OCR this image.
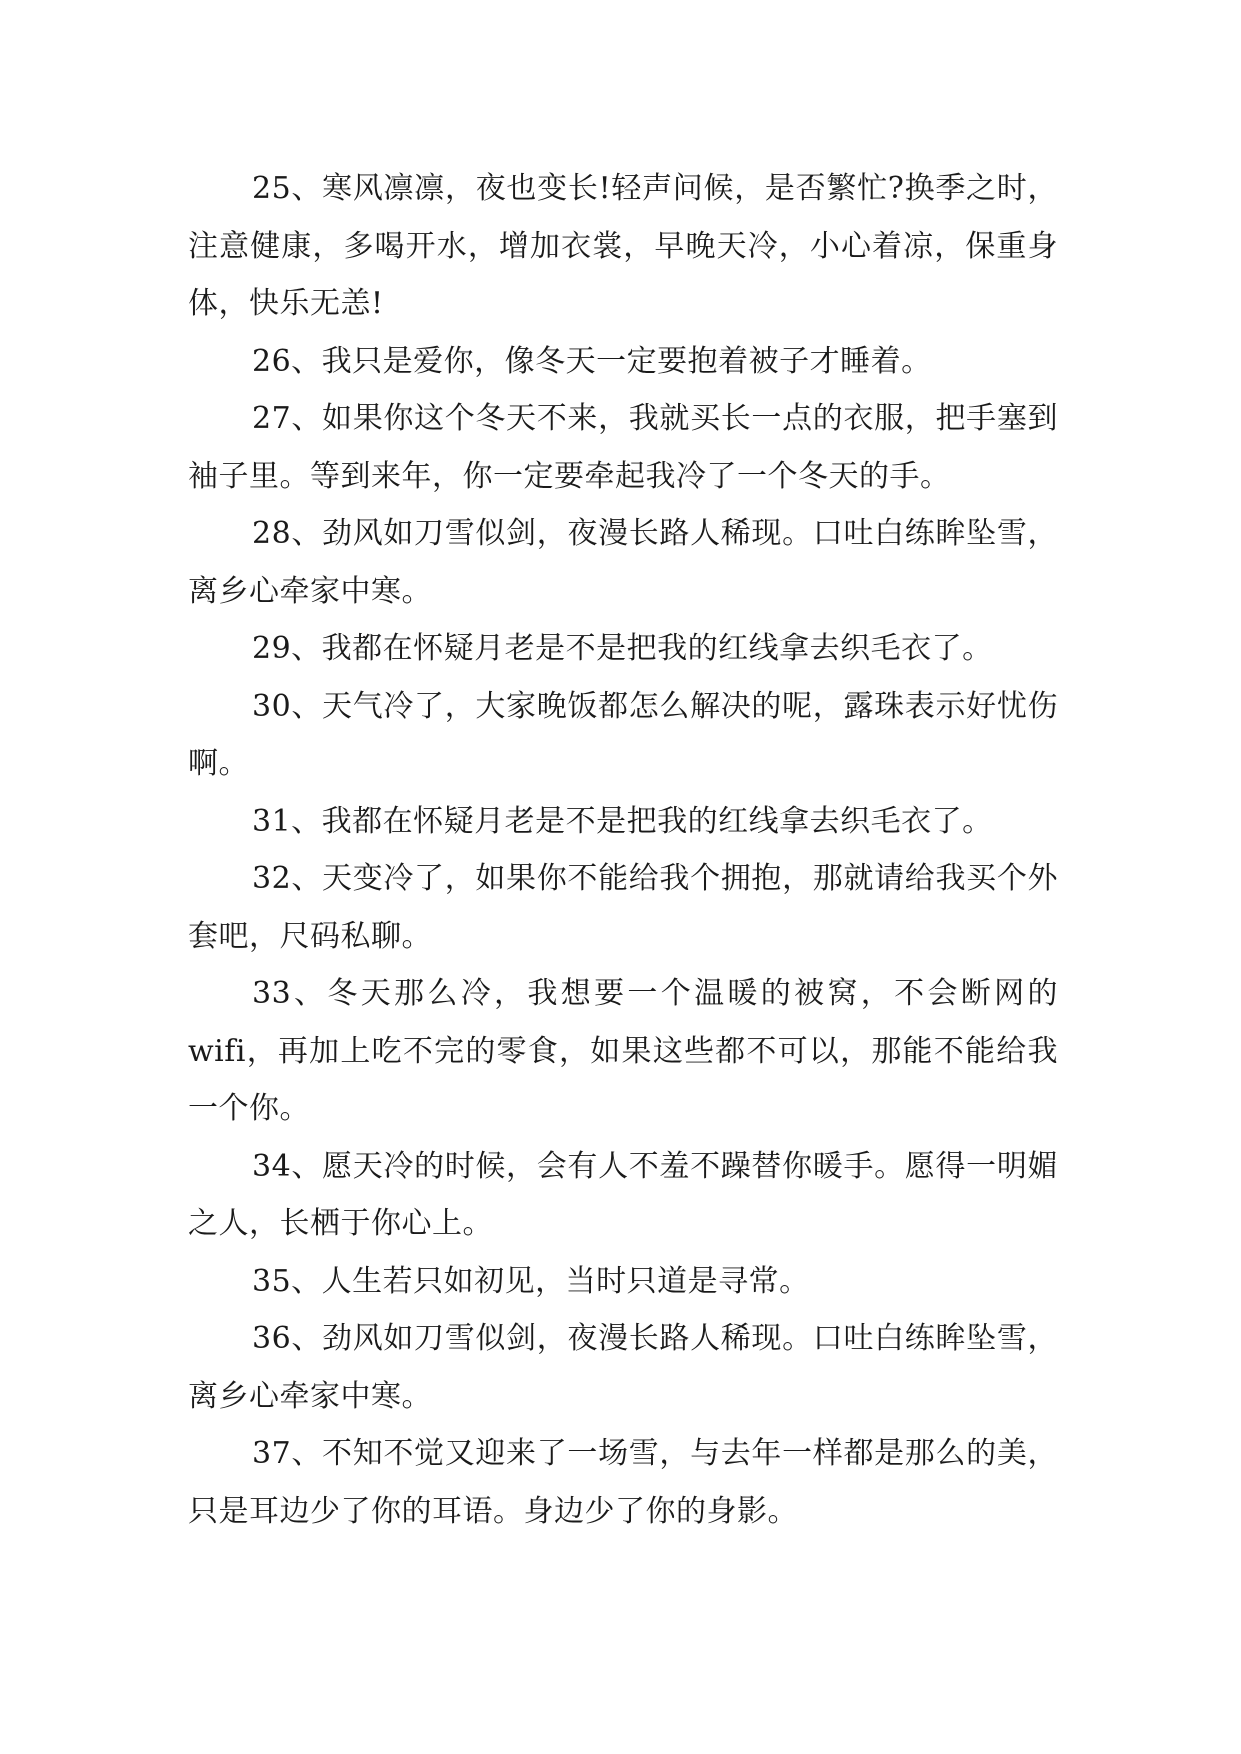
25、寒风凛凛，夜也变长!轻声问候，是否繁忙?换季之时，注意健康，多喝开水，增加衣裳，早晚天冷，小心着凉，保重身体，快乐无恙!

26、我只是爱你，像冬天一定要抱着被子才睡着。

27、如果你这个冬天不来，我就买长一点的衣服，把手塞到袖子里。等到来年，你一定要牵起我冷了一个冬天的手。

28、劲风如刀雪似剑，夜漫长路人稀现。口吐白练眸坠雪，离乡心牵家中寒。

29、我都在怀疑月老是不是把我的红线拿去织毛衣了。

30、天气冷了，大家晚饭都怎么解决的呢，露珠表示好忧伤啊。

31、我都在怀疑月老是不是把我的红线拿去织毛衣了。

32、天变冷了，如果你不能给我个拥抱，那就请给我买个外套吧，尺码私聊。

33、冬天那么冷，我想要一个温暖的被窝，不会断网的wifi，再加上吃不完的零食，如果这些都不可以，那能不能给我一个你。

34、愿天冷的时候，会有人不羞不躁替你暖手。愿得一明媚之人，长栖于你心上。

35、人生若只如初见，当时只道是寻常。

36、劲风如刀雪似剑，夜漫长路人稀现。口吐白练眸坠雪，离乡心牵家中寒。

37、不知不觉又迎来了一场雪，与去年一样都是那么的美，只是耳边少了你的耳语。身边少了你的身影。
